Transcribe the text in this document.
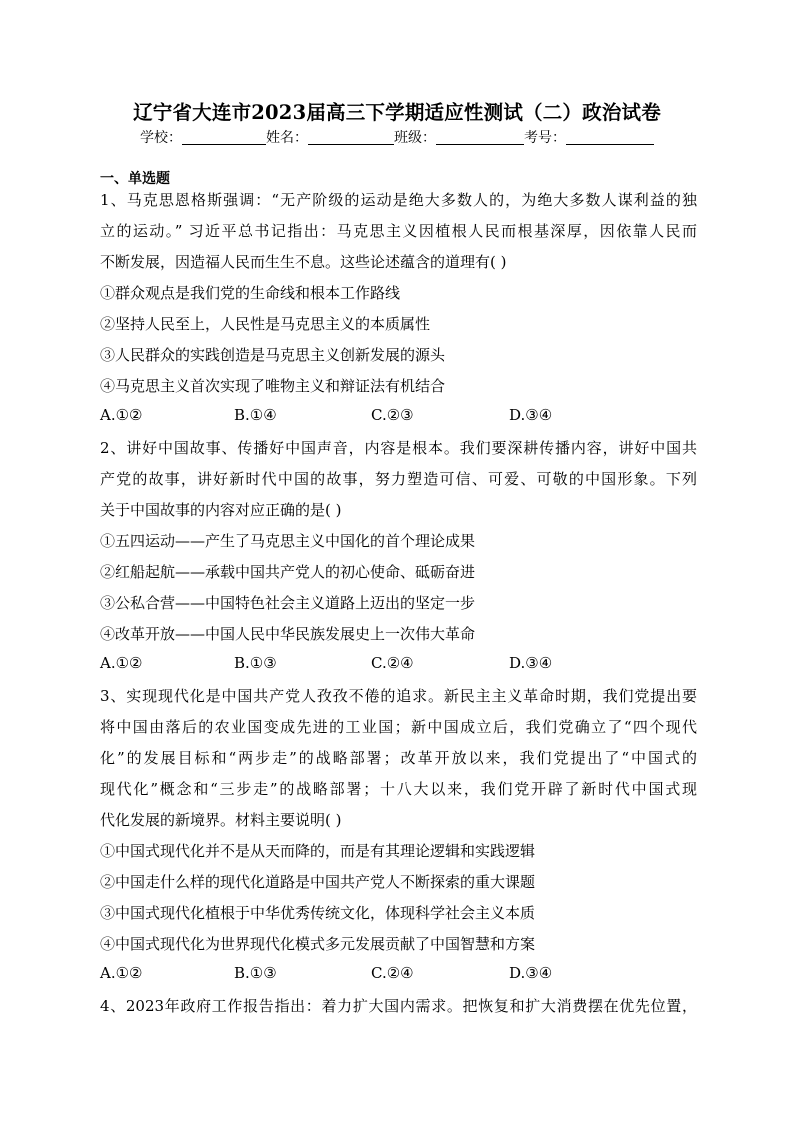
辽宁省大连市2023届高三下学期适应性测试（二）政治试卷
学校：	姓名：	班级：	考号：
一、单选题
1、马克思恩格斯强调：“无产阶级的运动是绝大多数人的，为绝大多数人谋利益的独
立的运动。” 习近平总书记指出：马克思主义因植根人民而根基深厚，因依靠人民而
不断发展，因造福人民而生生不息。这些论述蕴含的道理有( )
①群众观点是我们党的生命线和根本工作路线
②坚持人民至上，人民性是马克思主义的本质属性
③人民群众的实践创造是马克思主义创新发展的源头
④马克思主义首次实现了唯物主义和辩证法有机结合
A.①②	B.①④	C.②③	D.③④
2、讲好中国故事、传播好中国声音，内容是根本。我们要深耕传播内容，讲好中国共
产党的故事，讲好新时代中国的故事，努力塑造可信、可爱、可敬的中国形象。下列
关于中国故事的内容对应正确的是( )
①五四运动——产生了马克思主义中国化的首个理论成果
②红船起航——承载中国共产党人的初心使命、砥砺奋进
③公私合营——中国特色社会主义道路上迈出的坚定一步
④改革开放——中国人民中华民族发展史上一次伟大革命
A.①②	B.①③	C.②④	D.③④
3、实现现代化是中国共产党人孜孜不倦的追求。新民主主义革命时期，我们党提出要
将中国由落后的农业国变成先进的工业国；新中国成立后，我们党确立了“四个现代
化”的发展目标和“两步走”的战略部署；改革开放以来，我们党提出了“中国式的
现代化”概念和“三步走”的战略部署；十八大以来，我们党开辟了新时代中国式现
代化发展的新境界。材料主要说明( )
①中国式现代化并不是从天而降的，而是有其理论逻辑和实践逻辑
②中国走什么样的现代化道路是中国共产党人不断探索的重大课题
③中国式现代化植根于中华优秀传统文化，体现科学社会主义本质
④中国式现代化为世界现代化模式多元发展贡献了中国智慧和方案
A.①②	B.①③	C.②④	D.③④
4、2023年政府工作报告指出：着力扩大国内需求。把恢复和扩大消费摆在优先位置，
